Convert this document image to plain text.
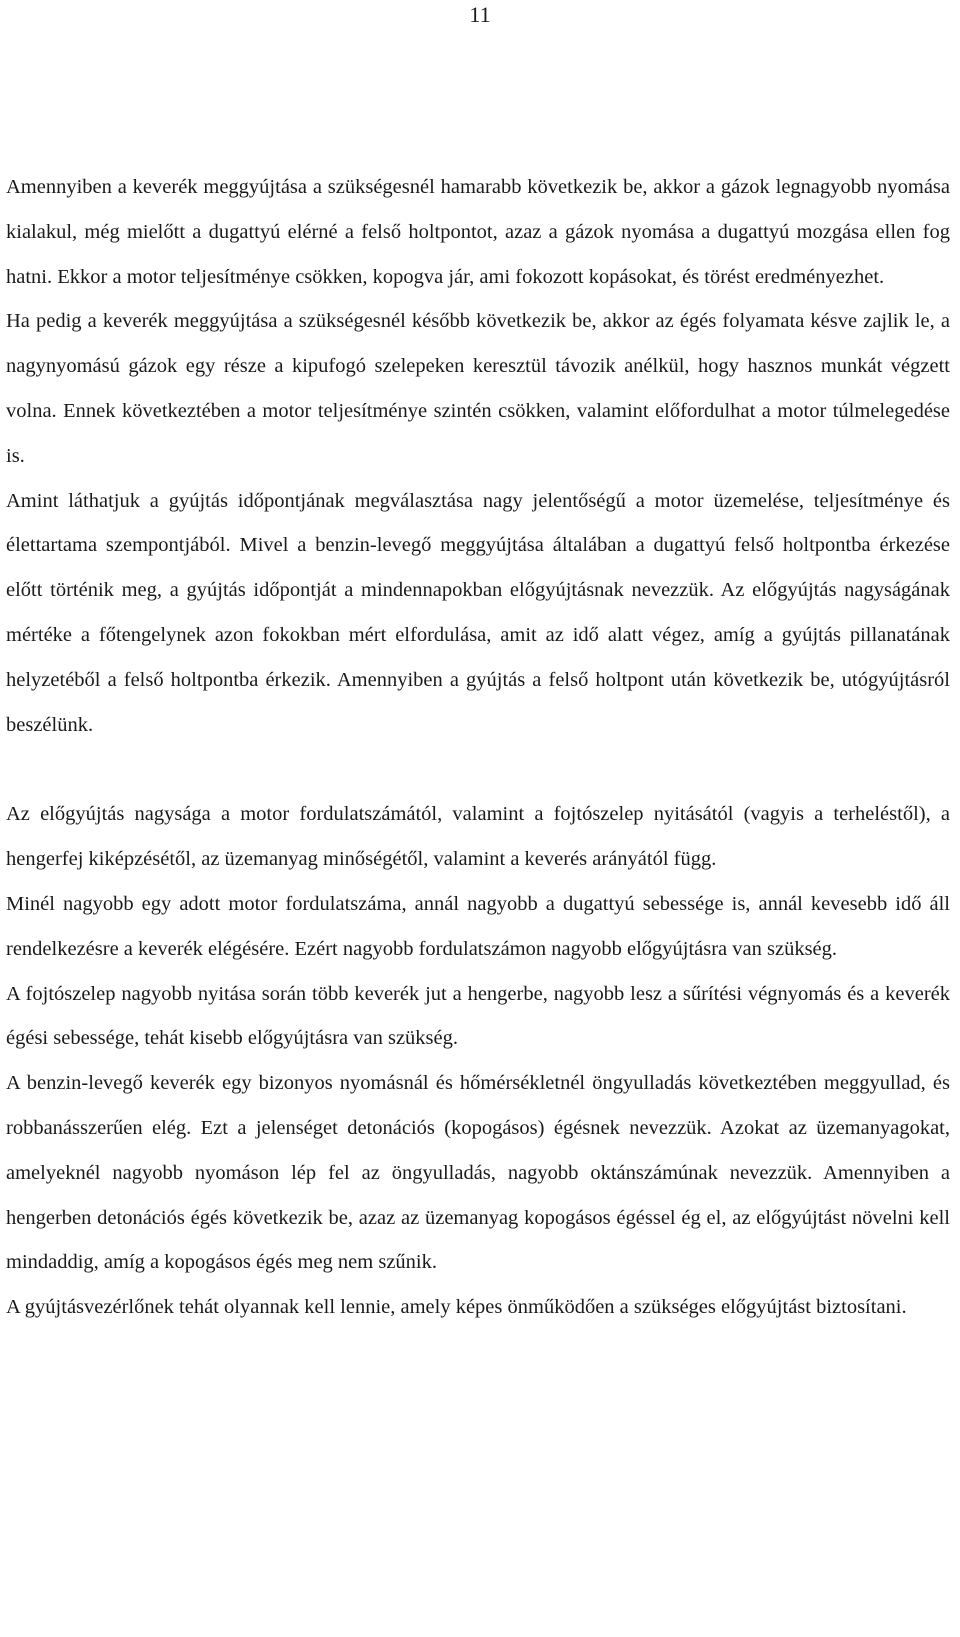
11

Amennyiben a keverék meggyújtása a szükségesnél hamarabb következik be, akkor a gázok legnagyobb nyomása kialakul, még mielőtt a dugattyú elérné a felső holtpontot, azaz a gázok nyomása a dugattyú mozgása ellen fog hatni. Ekkor a motor teljesítménye csökken, kopogva jár, ami fokozott kopásokat, és törést eredményezhet.

Ha pedig a keverék meggyújtása a szükségesnél később következik be, akkor az égés folyamata késve zajlik le, a nagynyomású gázok egy része a kipufogó szelepeken keresztül távozik anélkül, hogy hasznos munkát végzett volna. Ennek következtében a motor teljesítménye szintén csökken, valamint előfordulhat a motor túlmelegedése is.

Amint láthatjuk a gyújtás időpontjának megválasztása nagy jelentőségű a motor üzemelése, teljesítménye és élettartama szempontjából. Mivel a benzin-levegő meggyújtása általában a dugattyú felső holtpontba érkezése előtt történik meg, a gyújtás időpontját a mindennapokban előgyújtásnak nevezzük. Az előgyújtás nagyságának mértéke a főtengelynek azon fokokban mért elfordulása, amit az idő alatt végez, amíg a gyújtás pillanatának helyzetéből a felső holtpontba érkezik. Amennyiben a gyújtás a felső holtpont után következik be, utógyújtásról beszélünk.

Az előgyújtás nagysága a motor fordulatszámától, valamint a fojtószelep nyitásától (vagyis a terheléstől), a hengerfej kiképzésétől, az üzemanyag minőségétől, valamint a keverés arányától függ.

Minél nagyobb egy adott motor fordulatszáma, annál nagyobb a dugattyú sebessége is, annál kevesebb idő áll rendelkezésre a keverék elégésére. Ezért nagyobb fordulatszámon nagyobb előgyújtásra van szükség.

A fojtószelep nagyobb nyitása során több keverék jut a hengerbe, nagyobb lesz a sűrítési végnyomás és a keverék égési sebessége, tehát kisebb előgyújtásra van szükség.

A benzin-levegő keverék egy bizonyos nyomásnál és hőmérsékletnél öngyulladás következtében meggyullad, és robbanásszerűen elég. Ezt a jelenséget detonációs (kopogásos) égésnek nevezzük. Azokat az üzemanyagokat, amelyeknél nagyobb nyomáson lép fel az öngyulladás, nagyobb oktánszámúnak nevezzük. Amennyiben a hengerben detonációs égés következik be, azaz az üzemanyag kopogásos égéssel ég el, az előgyújtást növelni kell mindaddig, amíg a kopogásos égés meg nem szűnik.

A gyújtásvezérlőnek tehát olyannak kell lennie, amely képes önműködően a szükséges előgyújtást biztosítani.
